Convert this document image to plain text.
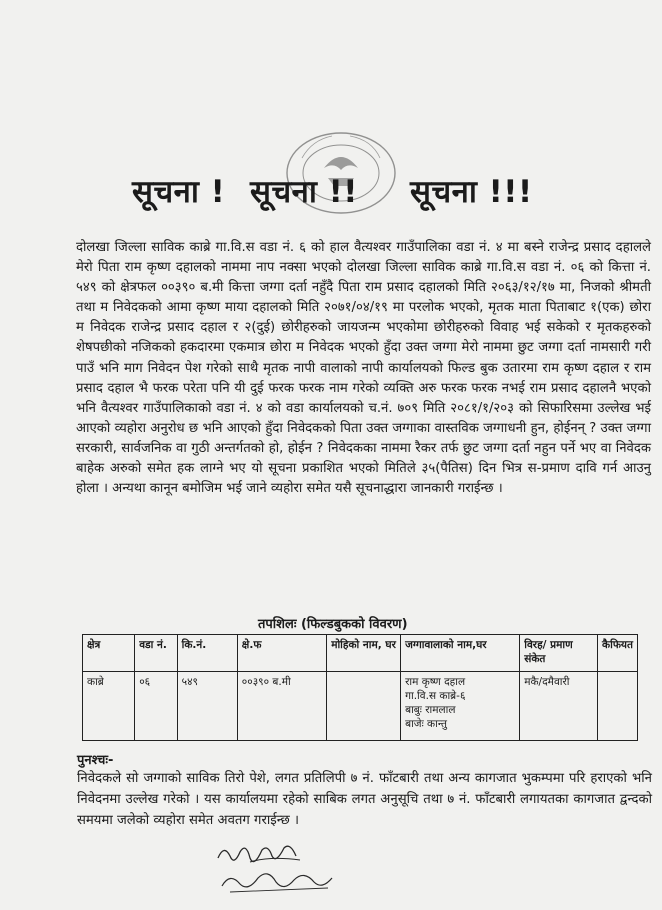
सूचना ! सूचना !! सूचना !!!
दोलखा जिल्ला साविक काब्रे गा.वि.स वडा नं. ६ को हाल वैत्यश्वर गाउँपालिका वडा नं. ४ मा बस्ने राजेन्द्र प्रसाद दहालले मेरो पिता राम कृष्ण दहालको नाममा नाप नक्सा भएको दोलखा जिल्ला साविक काब्रे गा.वि.स वडा नं. ०६ को कित्ता नं. ५४९ को क्षेत्रफल ००३९० ब.मी कित्ता जग्गा दर्ता नहुँदै पिता राम प्रसाद दहालको मिति २०६३/१२/१७ मा, निजको श्रीमती तथा म निवेदकको आमा कृष्ण माया दहालको मिति २०७१/०४/१९ मा परलोक भएको, मृतक माता पिताबाट १(एक) छोरा म निवेदक राजेन्द्र प्रसाद दहाल र २(दुई) छोरीहरुको जायजन्म भएकोमा छोरीहरुको विवाह भई सकेको र मृतकहरुको शेषपछीको नजिकको हकदारमा एकमात्र छोरा म निवेदक भएको हुँदा उक्त जग्गा मेरो नाममा छुट जग्गा दर्ता नामसारी गरी पाउँ भनि माग निवेदन पेश गरेको साथै मृतक नापी वालाको नापी कार्यालयको फिल्ड बुक उतारमा राम कृष्ण दहाल र राम प्रसाद दहाल भै फरक परेता पनि यी दुई फरक फरक नाम गरेको व्यक्ति अरु फरक फरक नभई राम प्रसाद दहालनै भएको भनि वैत्यश्वर गाउँपालिकाको वडा नं. ४ को वडा कार्यालयको च.नं. ७०९ मिति २०८१/१/२०३ को सिफारिसमा उल्लेख भई आएको व्यहोरा अनुरोध छ भनि आएको हुँदा निवेदकको पिता उक्त जग्गाका वास्तविक जग्गाधनी हुन, होईनन् ? उक्त जग्गा सरकारी, सार्वजनिक वा गुठी अन्तर्गतको हो, होईन ? निवेदकका नाममा रैकर तर्फ छुट जग्गा दर्ता नहुन पर्ने भए वा निवेदक बाहेक अरुको समेत हक लाग्ने भए यो सूचना प्रकाशित भएको मितिले ३५(पैतिस) दिन भित्र स-प्रमाण दावि गर्न आउनु होला । अन्यथा कानून बमोजिम भई जाने व्यहोरा समेत यसै सूचनाद्धारा जानकारी गराईन्छ ।
तपशिलः (फिल्डबुकको विवरण)
क्षेत्र	वडा नं.	कि.नं.	क्षे.फ	मोहिको नाम, घर	जग्गावालाको नाम,घर	विरह/ प्रमाण संकेत	कैफियत
काब्रे	०६	५४९	००३९० ब.मी		राम कृष्ण दहाल
गा.वि.स काब्रे-६
बाबुः रामलाल
बाजेः कान्तु	मकै/दमैवारी	
पुनश्चः-
निवेदकले सो जग्गाको साविक तिरो पेशे, लगत प्रतिलिपी ७ नं. फाँटबारी तथा अन्य कागजात भुकम्पमा परि हराएको भनि निवेदनमा उल्लेख गरेको । यस कार्यालयमा रहेको साबिक लगत अनुसूचि तथा ७ नं. फाँटबारी लगायतका कागजात द्वन्दको समयमा जलेको व्यहोरा समेत अवतग गराईन्छ ।
